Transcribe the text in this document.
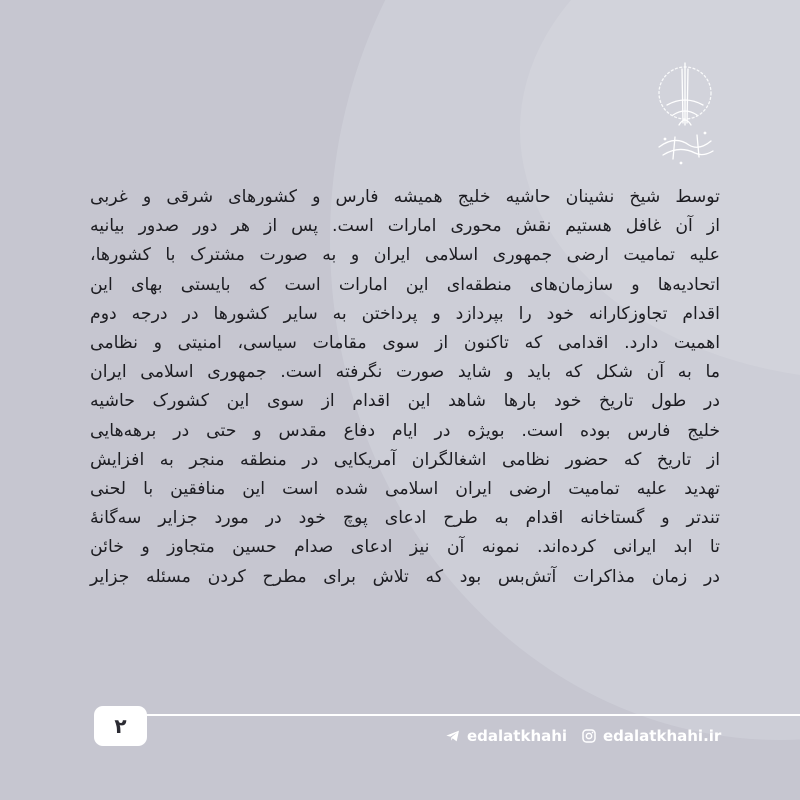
توسط شیخ نشینان حاشیه خلیج همیشه فارس و کشورهای شرقی و غربی
از آن غافل هستیم نقش محوری امارات است. پس از هر دور صدور بیانیه
علیه تمامیت ارضی جمهوری اسلامی ایران و به صورت مشترک با کشورها،
اتحادیه‌ها و سازمان‌های منطقه‌ای این امارات است که بایستی بهای این
اقدام تجاوزکارانه خود را بپردازد و پرداختن به سایر کشورها در درجه دوم
اهمیت دارد. اقدامی که تاکنون از سوی مقامات سیاسی، امنیتی و نظامی
ما به آن شکل که باید و شاید صورت نگرفته است. جمهوری اسلامی ایران
در طول تاریخ خود بارها شاهد این اقدام از سوی این کشورک حاشیه
خلیج فارس بوده است. بویژه در ایام دفاع مقدس و حتی در برهه‌هایی
از تاریخ که حضور نظامی اشغالگران آمریکایی در منطقه منجر به افزایش
تهدید علیه تمامیت ارضی ایران اسلامی شده است این منافقین با لحنی
تندتر و گستاخانه اقدام به طرح ادعای پوچ خود در مورد جزایر سه‌گانهٔ
تا ابد ایرانی کرده‌اند. نمونه آن نیز ادعای صدام حسین متجاوز و خائن
در زمان مذاکرات آتش‌بس بود که تلاش برای مطرح کردن مسئله جزایر
۲	edalatkhahi edalatkhahi.ir
